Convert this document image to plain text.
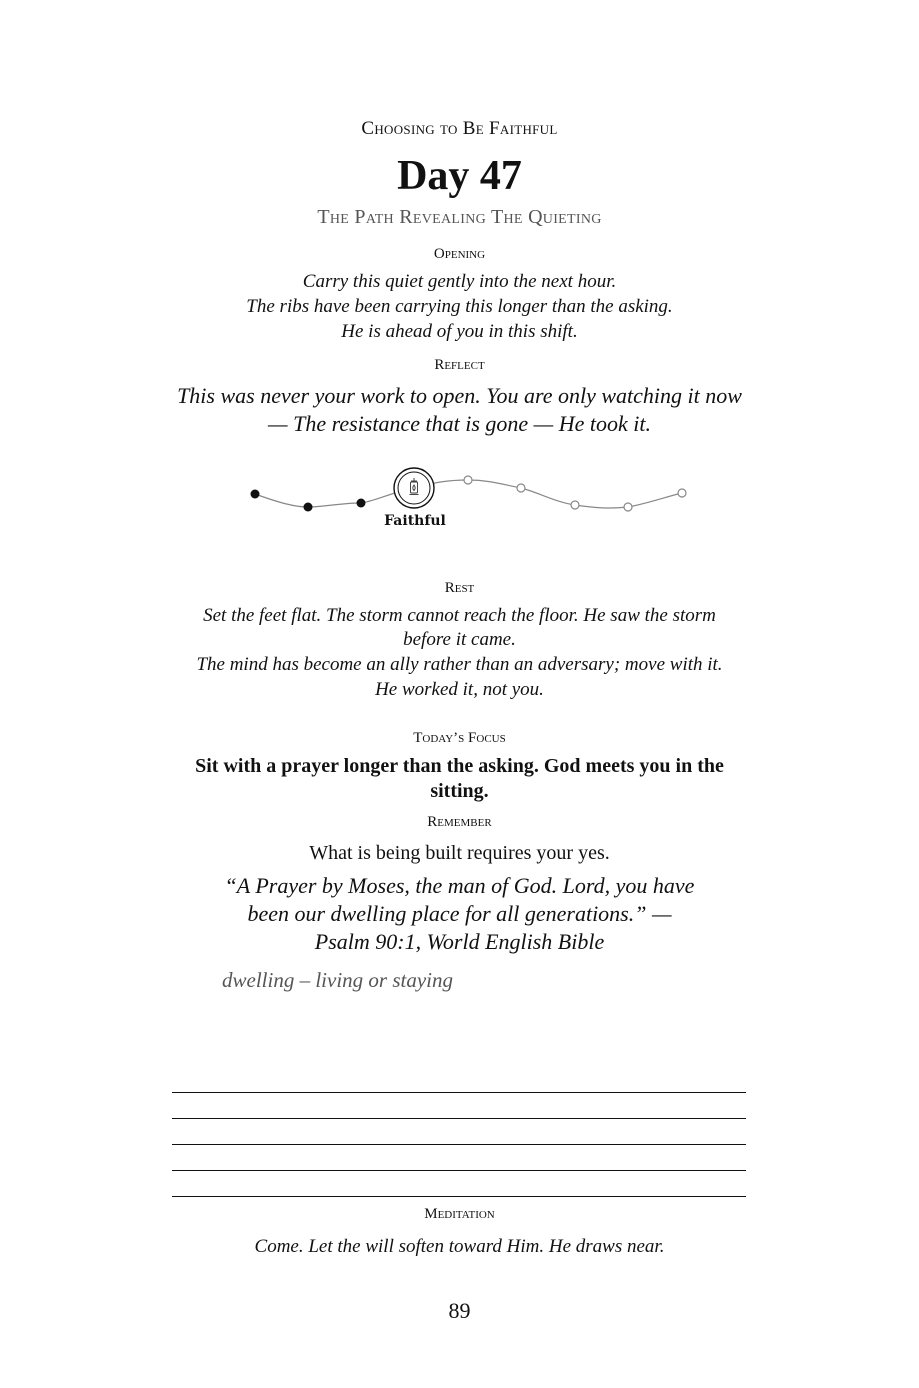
Choosing to Be Faithful
Day 47
The Path Revealing The Quieting
Opening
Carry this quiet gently into the next hour.
The ribs have been carrying this longer than the asking.
He is ahead of you in this shift.
Reflect
This was never your work to open. You are only watching it now
— The resistance that is gone — He took it.
Faithful
Rest
Set the feet flat. The storm cannot reach the floor. He saw the storm
before it came.
The mind has become an ally rather than an adversary; move with it.
He worked it, not you.
Today’s Focus
Sit with a prayer longer than the asking. God meets you in the
sitting.
Remember
What is being built requires your yes.
“A Prayer by Moses, the man of God. Lord, you have
been our dwelling place for all generations.” —
Psalm 90:1, World English Bible
dwelling – living or staying
Meditation
Come. Let the will soften toward Him. He draws near.
89
